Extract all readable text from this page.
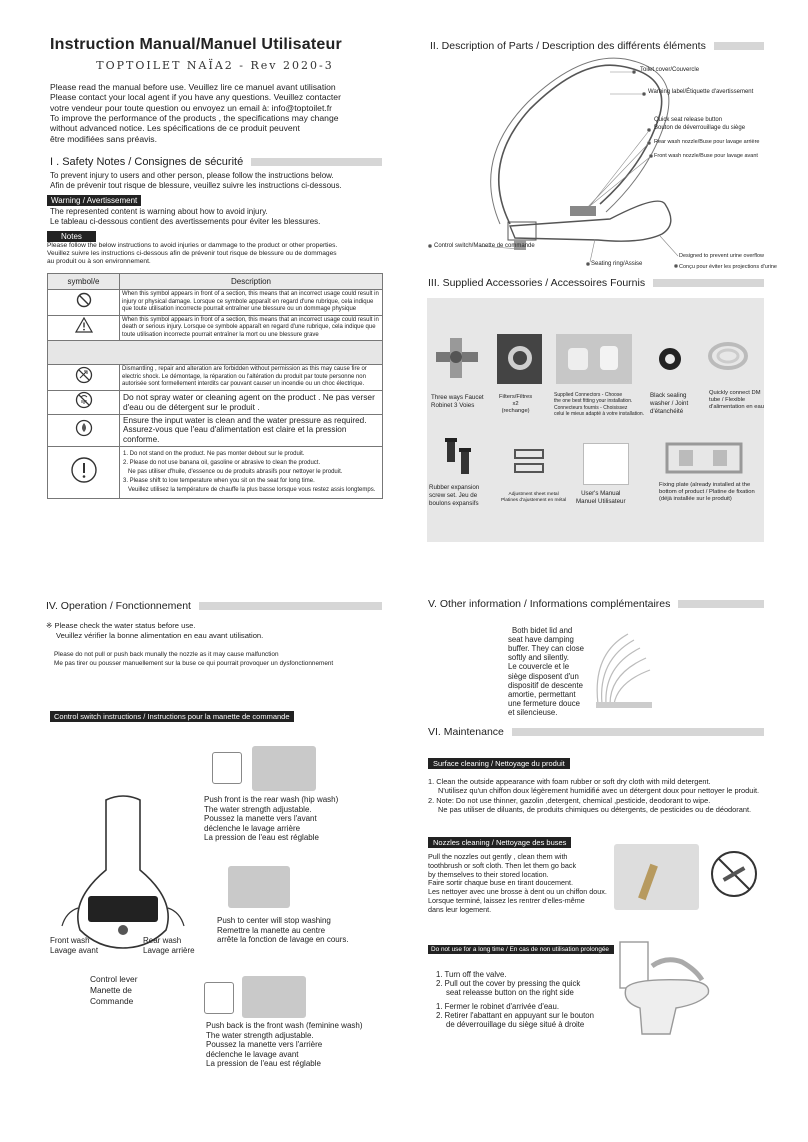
Instruction Manual/Manuel Utilisateur
TOPTOILET NAÏA2 - Rev 2020-3
Please read the manual before use. Veuillez lire ce manuel avant utilisation
Please contact your local agent if you have any questions. Veuillez contacter
votre vendeur pour toute question ou envoyez un email à: info@toptoilet.fr
To improve the performance of the products , the specifications may change
without advanced notice. Les spécifications de ce produit peuvent
être modifiées sans préavis.
I . Safety Notes / Consignes de sécurité
To prevent injury to users and other person, please follow the instructions below.
Afin de prévenir tout risque de blessure, veuillez suivre les instructions ci-dessous.
Warning / Avertissement
The represented content is warning about how to avoid injury.
Le tableau ci-dessous contient des avertissements pour éviter les blessures.
Notes
Please follow the below instructions to avoid injuries or dammage to the product or other properties.
Veuillez suivre les instructions ci-dessous afin de prévenir tout risque de blessure ou de dommages
au produit ou à son environnement.
symbol/e	Description
	When this symbol appears in front of a section, this means that an incorrect usage could result in injury or physical damage. Lorsque ce symbole apparaît en regard d'une rubrique, cela indique que toute utilisation incorrecte pourrait entraîner une blessure ou un dommage physique
	When this symbol appears in front of a section, this means that an incorrect usage could result in death or serious injury. Lorsque ce symbole apparaît en regard d'une rubrique, cela indique que toute utilisation incorrecte pourrait entraîner la mort ou une blessure grave

	Dismantling , repair and alteration are forbidden without permission as this may cause fire or electric shock. Le démontage, la réparation ou l'altération du produit par toute personne non autorisée sont formellement interdits car pouvant causer un incendie ou un choc électrique.
	Do not spray water or cleaning agent on the product . Ne pas verser d'eau ou de détergent sur le produit .
	Ensure the input water is clean and the water pressure as required. Assurez-vous que l'eau d'alimentation est claire et la pression conforme.

1. Do not stand on the product. Ne pas monter debout sur le produit.
2. Please do not use banana oil, gasoline or abrasive to clean the product.
Ne pas utiliser d'huile, d'essence ou de produits abrasifs pour nettoyer le produit.
3. Please shift to low temperature when you sit on the seat for long time.
Veuillez utilisez la température de chauffe la plus basse lorsque vous restez assis longtemps.
II. Description of Parts / Description des différents éléments
Toilet cover/Couvercle
Warning label/Étiquette d'avertissement
Quick seat release button
Bouton de déverrouillage du siège
Rear wash nozzle/Buse pour lavage arrière
Front wash nozzle/Buse pour lavage avant
Control switch/Manette de commande
Seating ring/Assise
Designed to prevent urine overflow
Conçu pour éviter les projections d'urine
III. Supplied Accessories / Accessoires Fournis
Three ways Faucet
Robinet 3 Voies
Filters/Filtres
x2
(rechange)
Supplied Connectors - Choose
the one best fitting your installation.
Connecteurs fournis - Choisissez
celui le mieux adapté à votre installation.
Black sealing
washer / Joint
d'étanchéité
Quickly connect DM
tube / Flexible
d'alimentation en eau
Rubber expansion
screw set. Jeu de
boulons expansifs
Adjustment sheet metal
Platines d'ajustement en métal
User's Manual
Manuel Utilisateur
Fixing plate (already installed at the
bottom of product / Platine de fixation
(déjà installée sur le produit)
IV. Operation / Fonctionnement
※ Please check the water status before use.
Veuillez vérifier la bonne alimentation en eau avant utilisation.
Please do not pull or push back munally the nozzle as it may cause malfunction
Me pas tirer ou pousser manuellement sur la buse ce qui pourrait provoquer un dysfonctionnement
Control switch instructions / Instructions pour la manette de commande
Front wash
Lavage avant
Rear wash
Lavage arrière
Control lever
Manette de
Commande
Push front is the rear wash (hip wash)
The water strength adjustable.
Poussez la manette vers l'avant
déclenche le lavage arrière
La pression de l'eau est réglable
Push to center will stop washing
Remettre la manette au centre
arrête la fonction de lavage en cours.
Push back is the front wash (feminine wash)
The water strength adjustable.
Poussez la manette vers l'arrière
déclenche le lavage avant
La pression de l'eau est réglable
V. Other information / Informations complémentaires
Both bidet lid and
seat have damping
buffer. They can close
softly and silently.
Le couvercle et le
siège disposent d'un
dispositif de descente
amortie, permettant
une fermeture douce
et silencieuse.
VI. Maintenance
Surface cleaning / Nettoyage du produit
1. Clean the outside appearance with foam rubber or soft dry cloth with mild detergent.
N'utilisez qu'un chiffon doux légèrement humidifié avec un détergent doux pour nettoyer le produit.
2. Note: Do not use thinner, gazolin ,detergent, chemical ,pesticide, deodorant to wipe.
Ne pas utiliser de diluants, de produits chimiques ou détergents, de pesticides ou de déodorant.
Nozzles cleaning / Nettoyage des buses
Pull the nozzles out gently , clean them with
toothbrush or soft cloth. Then let them go back
by themselves to their stored location.
Faire sortir chaque buse en tirant doucement.
Les nettoyer avec une brosse à dent ou un chiffon doux.
Lorsque terminé, laissez les rentrer d'elles-même
dans leur logement.
Do not use for a long time / En cas de non utilisation prolongée
1. Turn off the valve.
2. Pull out the cover by pressing the quick
seat releasse button on the right side
1. Fermer le robinet d'arrivée d'eau.
2. Retirer l'abattant en appuyant sur le bouton
de déverrouillage du siège situé à droite
